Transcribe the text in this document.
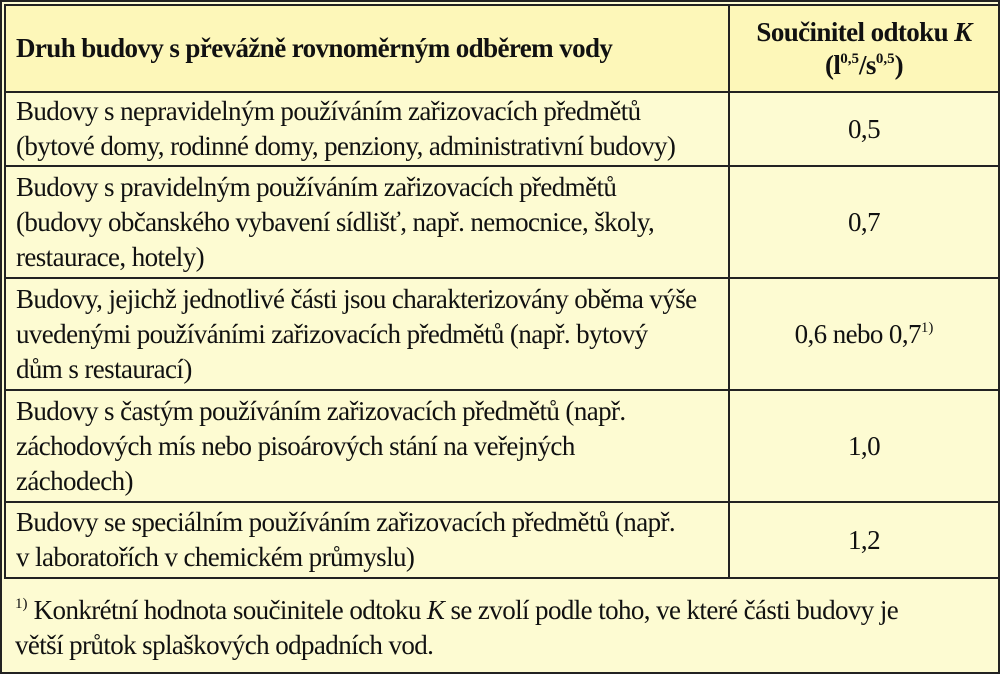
Druh budovy s převážně rovnoměrným odběrem vody	Součinitel odtoku K
$(l^{0,5}/s^{0,5})$
Budovy s nepravidelným používáním zařizovacích předmětů
(bytové domy, rodinné domy, penziony, administrativní budovy)	0,5
Budovy s pravidelným používáním zařizovacích předmětů
(budovy občanského vybavení sídlišť, např. nemocnice, školy,
restaurace, hotely)	0,7
Budovy, jejichž jednotlivé části jsou charakterizovány oběma výše
uvedenými používáními zařizovacích předmětů (např. bytový
dům s restaurací)	0,6 nebo 0,7$^{1)}$
Budovy s častým používáním zařizovacích předmětů (např.
záchodových mís nebo pisoárových stání na veřejných
záchodech)	1,0
Budovy se speciálním používáním zařizovacích předmětů (např.
v laboratořích v chemickém průmyslu)	1,2
$^{1)}$ Konkrétní hodnota součinitele odtoku K se zvolí podle toho, ve které části budovy je
větší průtok splaškových odpadních vod.	
